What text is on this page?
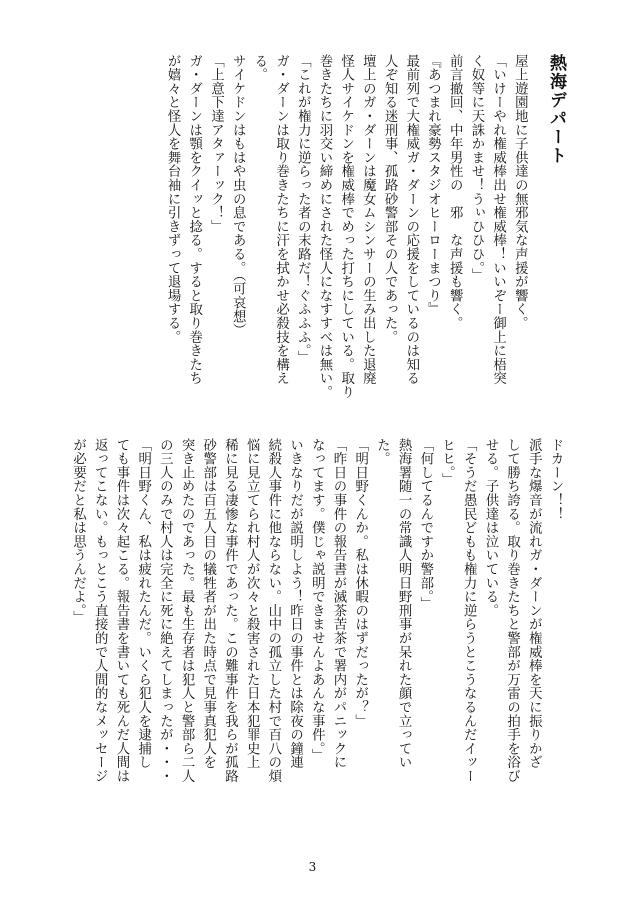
熱海デパート
屋上遊園地に子供達の無邪気な声援が響く。
「いけーやれ権威棒出せ権威棒！いいぞー御上に梧突
く奴等に天誅かませ！うぃひひひ。」
前言撤回、中年男性の　邪　な声援も響く。
『あつまれ豪勢スタジオヒーローまつり』
最前列で大権威ガ・ダーンの応援をしているのは知る
人ぞ知る迷刑事、孤路砂警部その人であった。
壇上のガ・ダーンは魔女ムシンサーの生み出した退廃
怪人サイケドンを権威棒でめった打ちにしている。取り
巻きたちに羽交い締めにされた怪人になすすべは無い。
「これが権力に逆らった者の末路だ！ぐふふふ。」
ガ・ダーンは取り巻きたちに汗を拭かせ必殺技を構え
る。
サイケドンはもはや虫の息である。（可哀想）
「上意下達アタァーック！」
ガ・ダーンは顎をクイッと捻る。すると取り巻きたち
が嬉々と怪人を舞台袖に引きずって退場する。
ドカーン！！
派手な爆音が流れガ・ダーンが権威棒を天に振りかざ
して勝ち誇る。取り巻きたちと警部が万雷の拍手を浴び
せる。子供達は泣いている。
「そうだ愚民どもも権力に逆らうとこうなるんだイッー
ヒヒ。」
「何してるんですか警部。」
熱海署随一の常識人明日野刑事が呆れた顔で立ってい
た。
「明日野くんか。私は休暇のはずだったが？」
「昨日の事件の報告書が滅茶苦茶で署内がパニックに
なってます。僕じゃ説明できませんよあんな事件。」
いきなりだが説明しよう！昨日の事件とは除夜の鐘連
続殺人事件に他ならない。山中の孤立した村で百八の煩
悩に見立てられ村人が次々と殺害された日本犯罪史上
稀に見る凄惨な事件であった。この難事件を我らが孤路
砂警部は百五人目の犠牲者が出た時点で見事真犯人を
突き止めたのであった。最も生存者は犯人と警部ら二人
の三人のみで村人は完全に死に絶えてしまったが・・・
「明日野くん、私は疲れたんだ。いくら犯人を逮捕し
ても事件は次々起こる。報告書を書いても死んだ人間は
返ってこない。もっとこう直接的で人間的なメッセージ
が必要だと私は思うんだよ。」
3
